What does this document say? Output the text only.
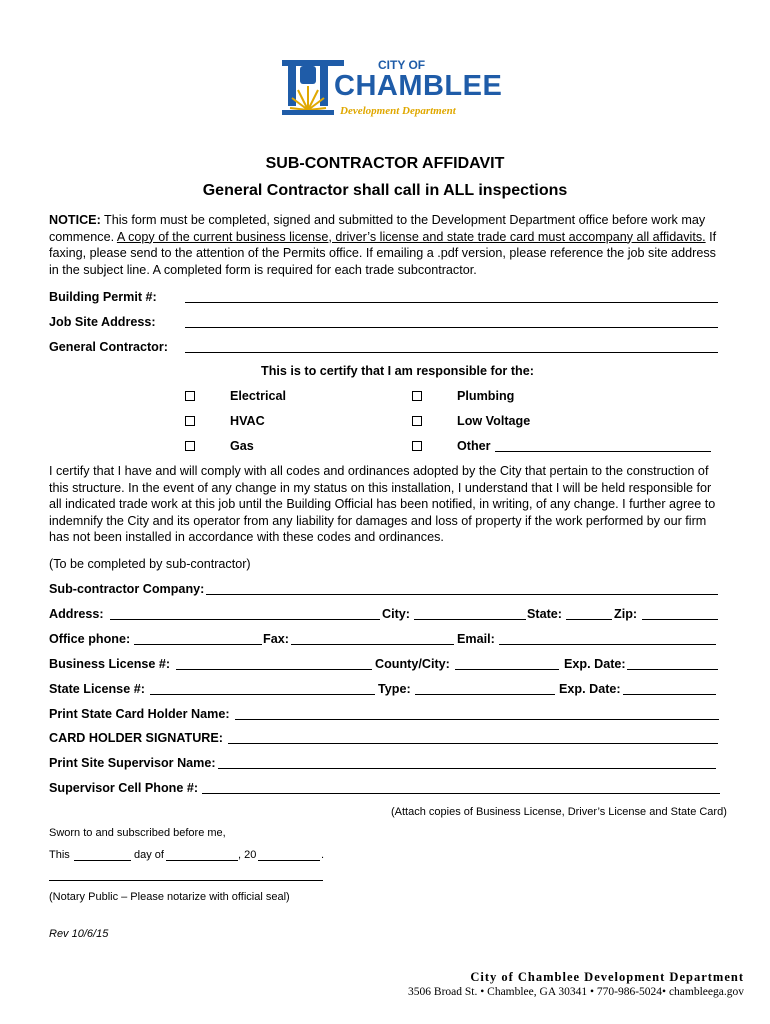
CITY OF
CHAMBLEE
Development Department
SUB-CONTRACTOR AFFIDAVIT
General Contractor shall call in ALL inspections
NOTICE: This form must be completed, signed and submitted to the Development Department office before work may commence. A copy of the current business license, driver’s license and state trade card must accompany all affidavits. If faxing, please send to the attention of the Permits office. If emailing a .pdf version, please reference the job site address in the subject line. A completed form is required for each trade subcontractor.
Building Permit #:
Job Site Address:
General Contractor:
This is to certify that I am responsible for the:
Electrical	Plumbing
HVAC	Low Voltage
Gas	Other
I certify that I have and will comply with all codes and ordinances adopted by the City that pertain to the construction of this structure. In the event of any change in my status on this installation, I understand that I will be held responsible for all indicated trade work at this job until the Building Official has been notified, in writing, of any change. I further agree to indemnify the City and its operator from any liability for damages and loss of property if the work performed by our firm has not been installed in accordance with these codes and ordinances.
(To be completed by sub-contractor)
Sub-contractor Company:
Address:	City:	State:	Zip:
Office phone:	Fax:	Email:
Business License #:	County/City:	Exp. Date:
State License #:	Type:	Exp. Date:
Print State Card Holder Name:
CARD HOLDER SIGNATURE:
Print Site Supervisor Name:
Supervisor Cell Phone #:
(Attach copies of Business License, Driver’s License and State Card)
Sworn to and subscribed before me,
This	day of	, 20	.
(Notary Public – Please notarize with official seal)
Rev 10/6/15
City of Chamblee Development Department
3506 Broad St. • Chamblee, GA 30341 • 770-986-5024• chambleega.gov
